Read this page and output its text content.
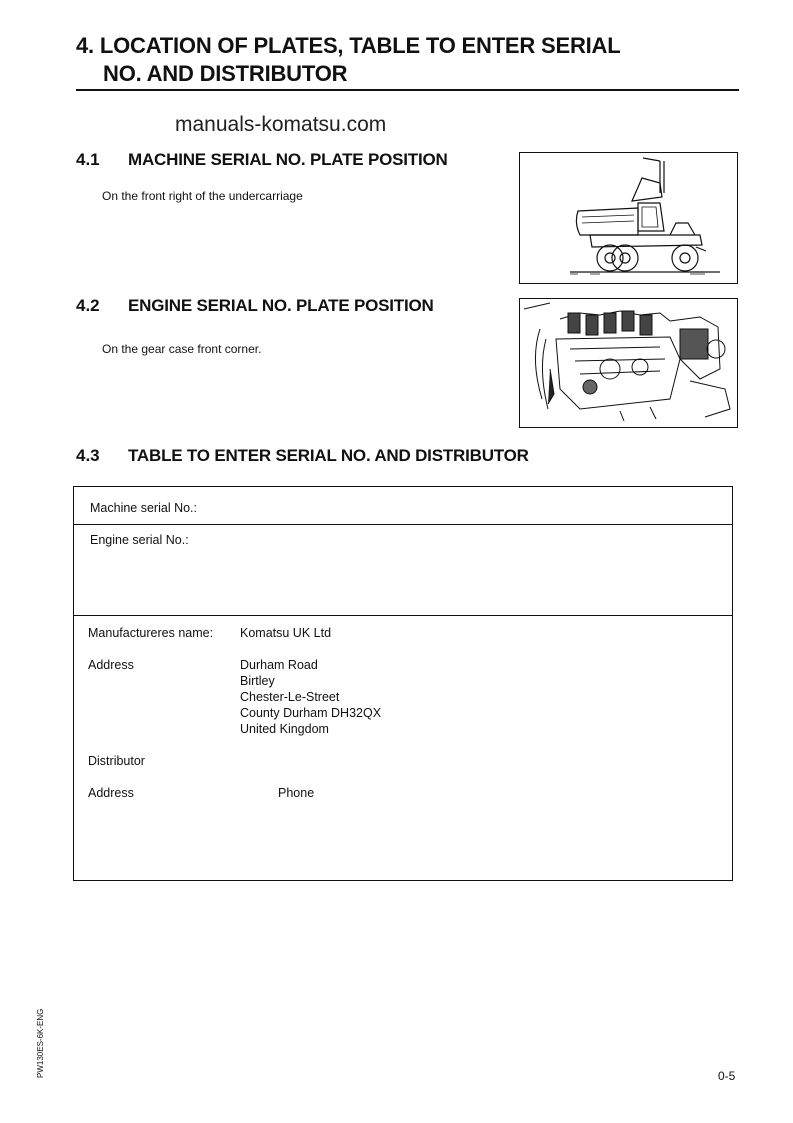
4. LOCATION OF PLATES, TABLE TO ENTER SERIAL
NO. AND DISTRIBUTOR
manuals-komatsu.com
4.1 MACHINE SERIAL NO. PLATE POSITION
On the front right of the undercarriage
4.2 ENGINE SERIAL NO. PLATE POSITION
On the gear case front corner.
4.3 TABLE TO ENTER SERIAL NO. AND DISTRIBUTOR
Machine serial No.:
Engine serial No.:
Manufactureres name: Komatsu UK Ltd
Address	Durham Road
Birtley
Chester-Le-Street
County Durham DH32QX
United Kingdom
Distributor
Address	Phone
PW130ES-6K-ENG	0-5
